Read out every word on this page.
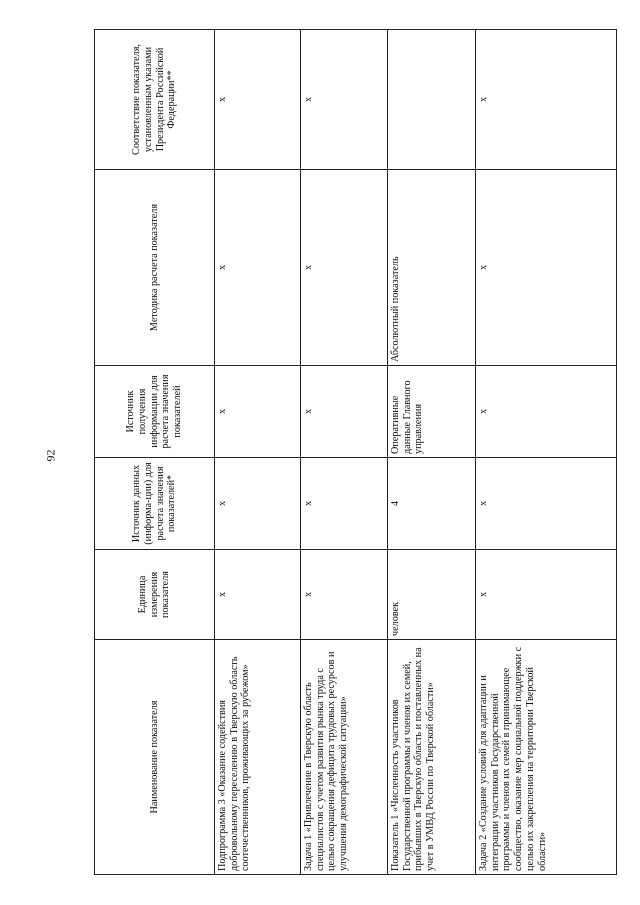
92
Наименование показателя	Единица измерения показателя	Источник данных (информа-ции) для расчета значения показателей*	Источник получения информации для расчета значения показателей	Методика расчета показателя	Соответствие показателя, установленным указами Президента Российской Федерации**
Подпрограмма 3 «Оказание содействия добровольному переселению в Тверскую область соотечественников, проживающих за рубежом»	х	х	х	х	х
Задача 1 «Привлечение в Тверскую область специалистов с учетом развития рынка труда с целью сокращения дефицита трудовых ресурсов и улучшения демографической ситуации»	х	х	х	х	х
Показатель 1 «Численность участников Государственной программы и членов их семей, прибывших в Тверскую область и поставленных на учет в УМВД России по Тверской области»	человек	4	Оперативные данные Главного управления	Абсолютный показатель	
Задача 2 «Создание условий для адаптации и интеграции участников Государственной программы и членов их семей в принимающее сообщество, оказание мер социальной поддержки с целью их закрепления на территории Тверской области»	х	х	х	х	х
